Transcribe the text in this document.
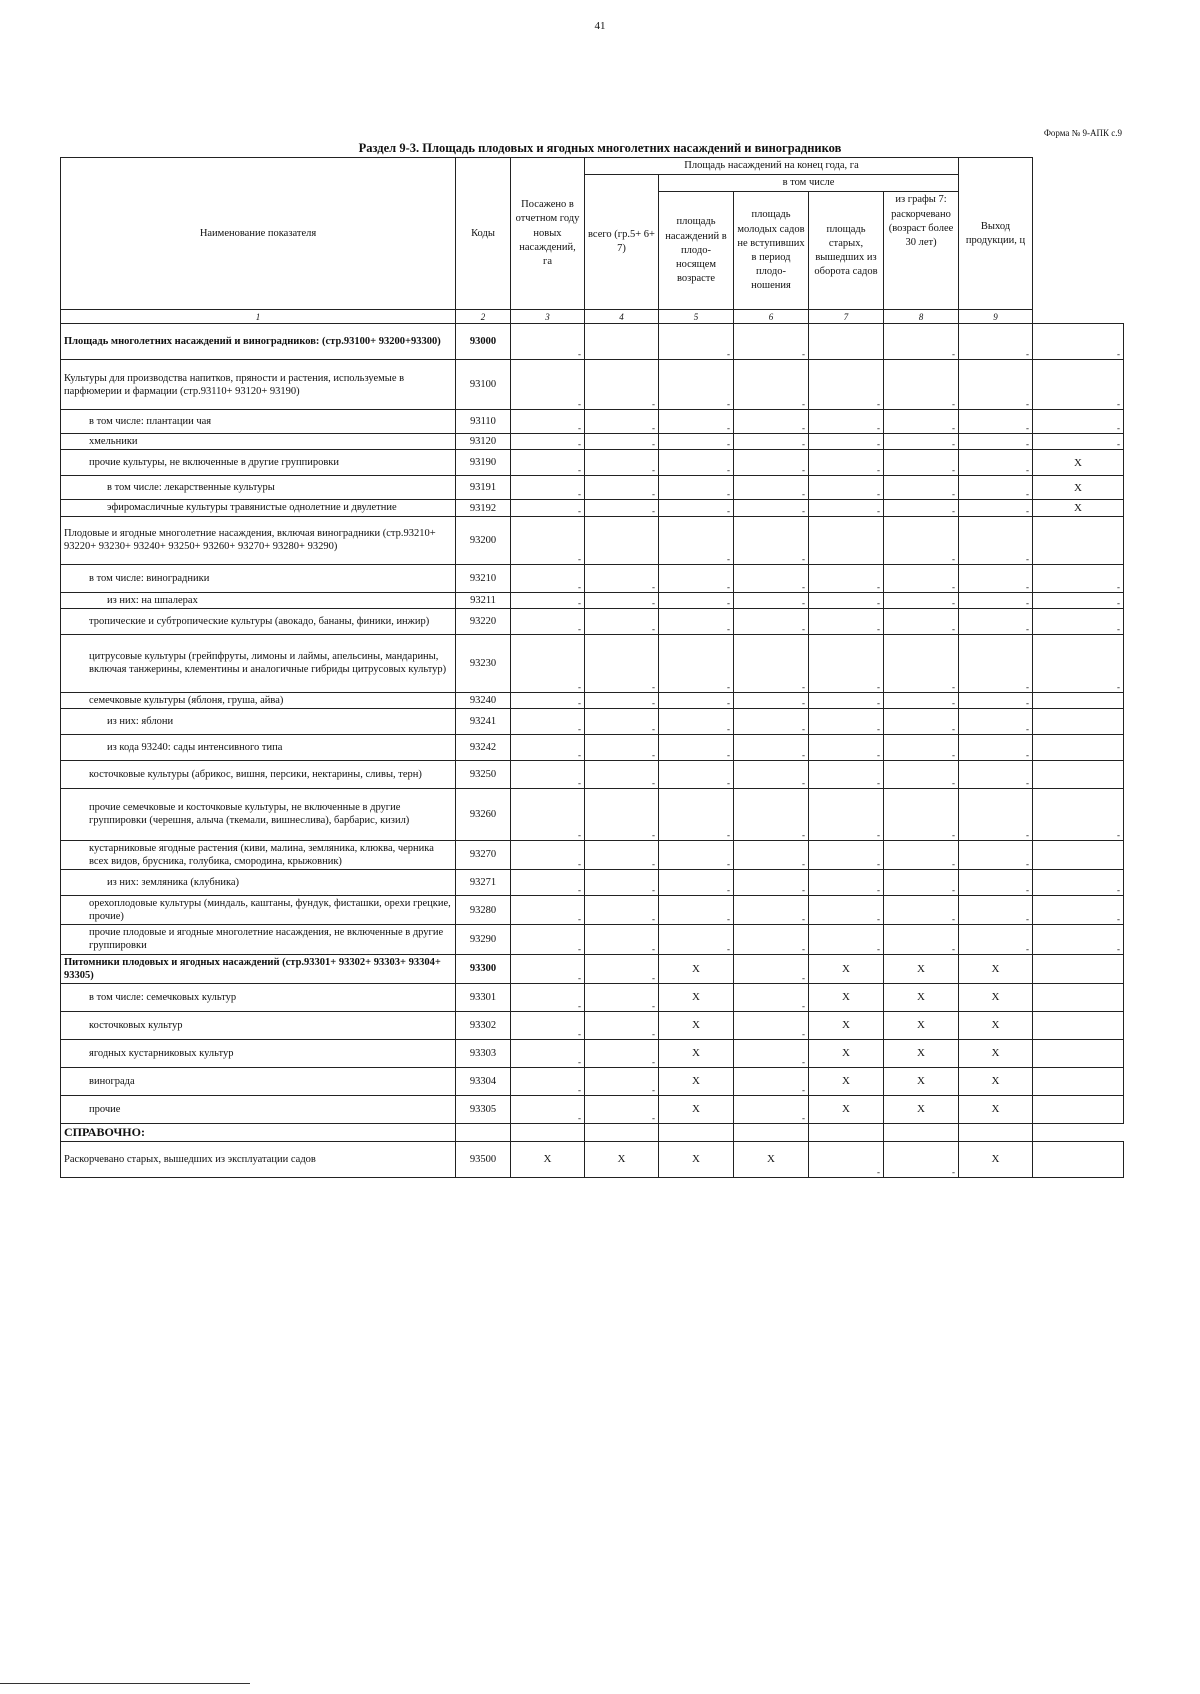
41
Форма № 9-АПК с.9
Раздел 9-3. Площадь плодовых и ягодных многолетних насаждений и виноградников
Наименование показателя	Коды	Посажено в отчетном году новых насаждений, га	Площадь насаждений на конец года, га					Выход продукции, ц	
			всего (гр.5+ 6+ 7)	в том числе					
				площадь насаждений в плодо-носящем возрасте	площадь молодых садов не вступивших в период плодо-ношения	площадь старых, вышедших из оборота садов	из графы 7: раскорчевано (возраст более 30 лет)		
1	2	3	4	5	6	7	8	9	
Площадь многолетних насаждений и виноградников: (стр.93100+ 93200+93300)	93000	-		-	-		-	-	-

Культуры для производства напитков, пряности и растения, используемые в парфюмерии и фармации (стр.93110+ 93120+ 93190)	93100	-	-	-	-	-	-	-	-

в том числе: плантации чая	93110	-	-	-	-	-	-	-	-

хмельники	93120	-	-	-	-	-	-	-	-

прочие культуры, не включенные в другие группировки	93190	-	-	-	-	-	-	-	X
в том числе: лекарственные культуры	93191	-	-	-	-	-	-	-	X
эфиромасличные культуры травянистые однолетние и двулетние	93192	-	-	-	-	-	-	-	X
Плодовые и ягодные многолетние насаждения, включая виноградники (стр.93210+ 93220+ 93230+ 93240+ 93250+ 93260+ 93270+ 93280+ 93290)	93200	-		-	-		-	-	

в том числе: виноградники	93210	-	-	-	-	-	-	-	-

из них: на шпалерах	93211	-	-	-	-	-	-	-	-

тропические и субтропические культуры (авокадо, бананы, финики, инжир)	93220	-	-	-	-	-	-	-	-

цитрусовые культуры (грейпфруты, лимоны и лаймы, апельсины, мандарины, включая танжерины, клементины и аналогичные гибриды цитрусовых культур)	93230	-	-	-	-	-	-	-	-

семечковые культуры (яблоня, груша, айва)	93240	-	-	-	-	-	-	-	

из них: яблони	93241	-	-	-	-	-	-	-	

из кода 93240: сады интенсивного типа	93242	-	-	-	-	-	-	-	

косточковые культуры (абрикос, вишня, персики, нектарины, сливы, терн)	93250	-	-	-	-	-	-	-	

прочие семечковые и косточковые культуры, не включенные в другие группировки (черешня, алыча (ткемали, вишнеслива), барбарис, кизил)	93260	-	-	-	-	-	-	-	-

кустарниковые ягодные растения (киви, малина, земляника, клюква, черника всех видов, брусника, голубика, смородина, крыжовник)	93270	-	-	-	-	-	-	-	

из них: земляника (клубника)	93271	-	-	-	-	-	-	-	-

орехоплодовые культуры (миндаль, каштаны, фундук, фисташки, орехи грецкие, прочие)	93280	-	-	-	-	-	-	-	-

прочие плодовые и ягодные многолетние насаждения, не включенные в другие группировки	93290	-	-	-	-	-	-	-	-

Питомники плодовых и ягодных насаждений (стр.93301+ 93302+ 93303+ 93304+ 93305)	93300	-	-	X	-	X	X	X	
в том числе: семечковых культур	93301	-	-	X	-	X	X	X	
косточковых культур	93302	-	-	X	-	X	X	X	
ягодных кустарниковых культур	93303	-	-	X	-	X	X	X	
винограда	93304	-	-	X	-	X	X	X	
прочие	93305	-	-	X	-	X	X	X	
СПРАВОЧНО:									
Раскорчевано старых, вышедших из эксплуатации садов	93500	X	X	X	X	-	-	X	
